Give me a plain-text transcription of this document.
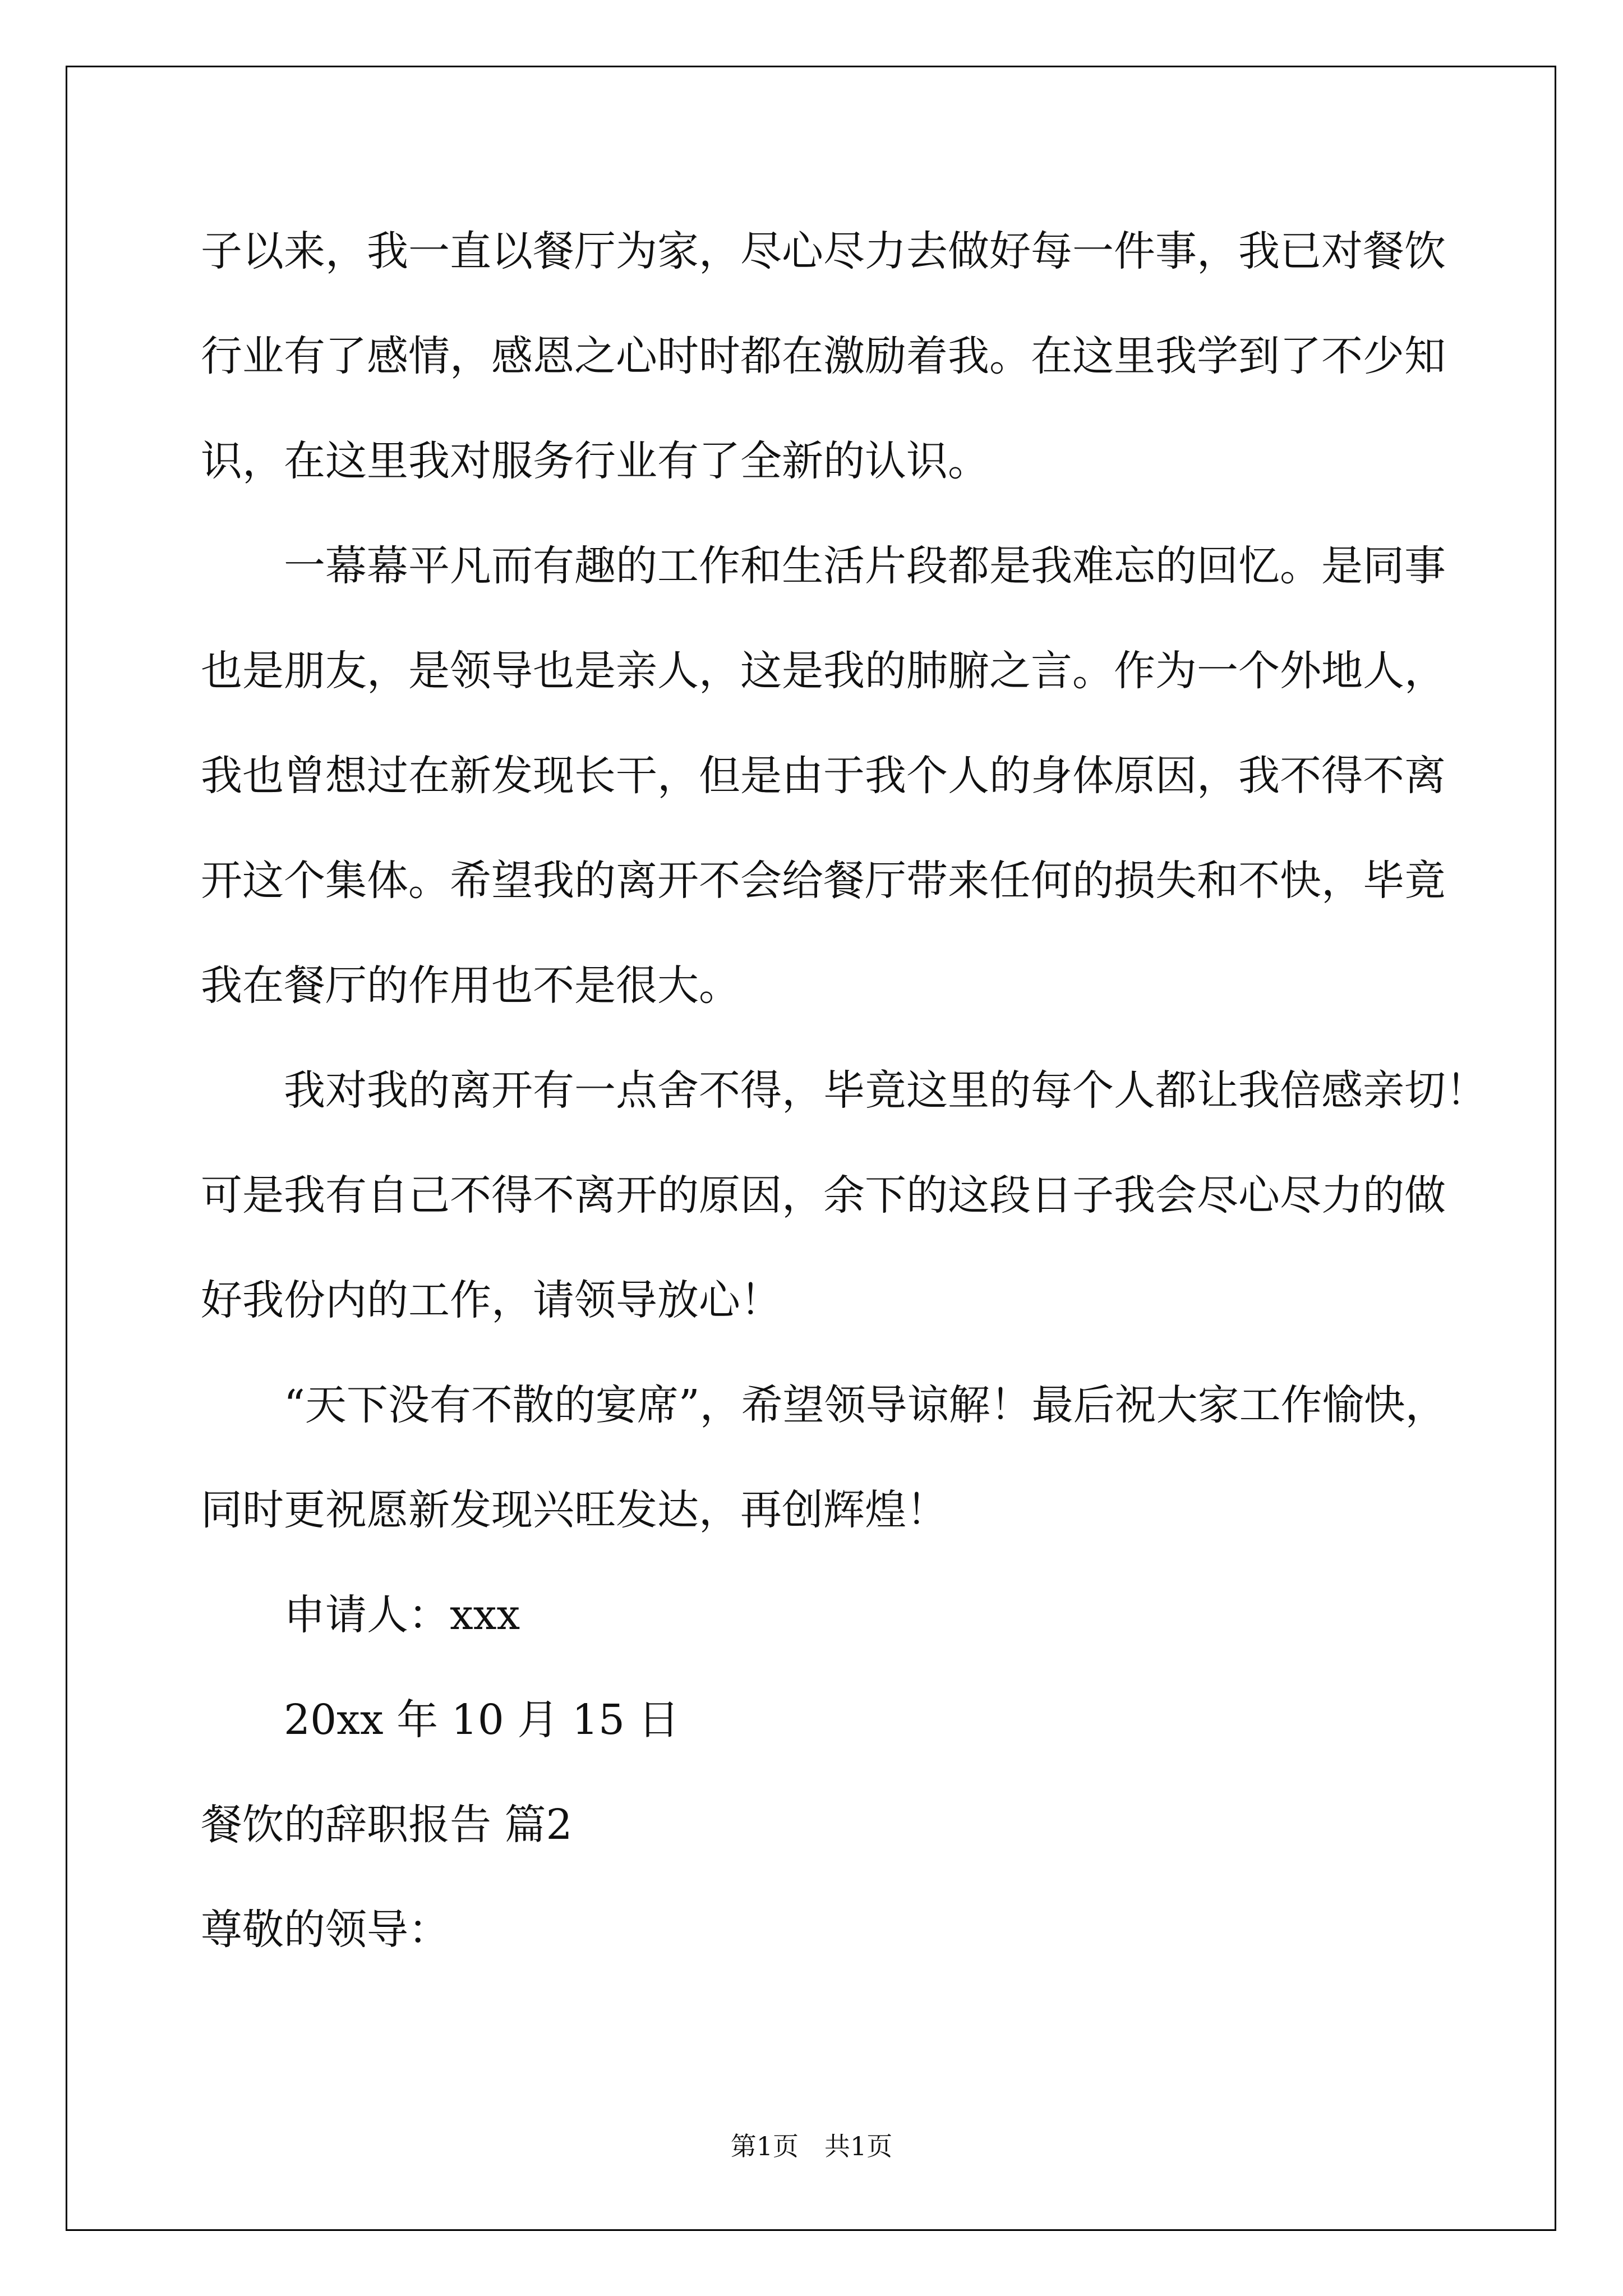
子以来，我一直以餐厅为家，尽心尽力去做好每一件事，我已对餐饮
行业有了感情，感恩之心时时都在激励着我。在这里我学到了不少知
识，在这里我对服务行业有了全新的认识。
一幕幕平凡而有趣的工作和生活片段都是我难忘的回忆。是同事
也是朋友，是领导也是亲人，这是我的肺腑之言。作为一个外地人，
我也曾想过在新发现长干，但是由于我个人的身体原因，我不得不离
开这个集体。希望我的离开不会给餐厅带来任何的损失和不快，毕竟
我在餐厅的作用也不是很大。
我对我的离开有一点舍不得，毕竟这里的每个人都让我倍感亲切！
可是我有自己不得不离开的原因，余下的这段日子我会尽心尽力的做
好我份内的工作，请领导放心！
“天下没有不散的宴席”，希望领导谅解！最后祝大家工作愉快，
同时更祝愿新发现兴旺发达，再创辉煌！
申请人：xxx
20xx 年 10 月 15 日
餐饮的辞职报告 篇2
尊敬的领导：
第1页　共1页
